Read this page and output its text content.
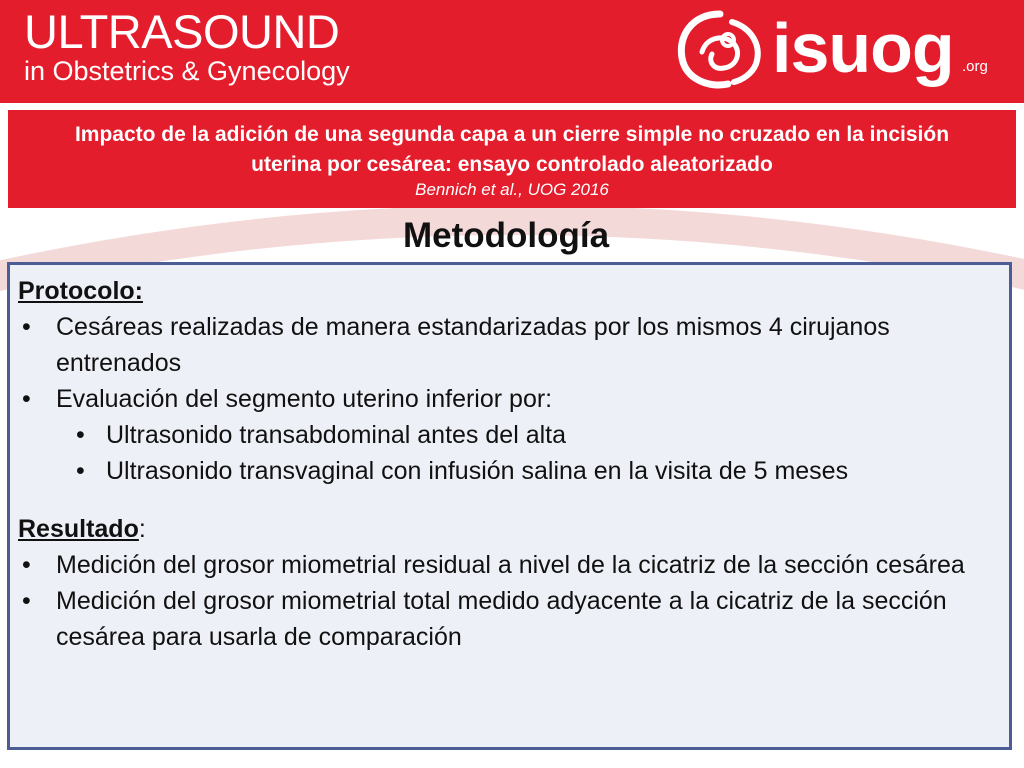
ULTRASOUND
in Obstetrics & Gynecology	isuog .org
Impacto de la adición de una segunda capa a un cierre simple no cruzado en la incisión uterina por cesárea: ensayo controlado aleatorizado
Bennich et al., UOG 2016
Metodología
Protocolo:
• Cesáreas realizadas de manera estandarizadas por los mismos 4 cirujanos entrenados
• Evaluación del segmento uterino inferior por:
• Ultrasonido transabdominal antes del alta
• Ultrasonido transvaginal con infusión salina en la visita de 5 meses
Resultado:
• Medición del grosor miometrial residual a nivel de la cicatriz de la sección cesárea
• Medición del grosor miometrial total medido adyacente a la cicatriz de la sección cesárea para usarla de comparación
